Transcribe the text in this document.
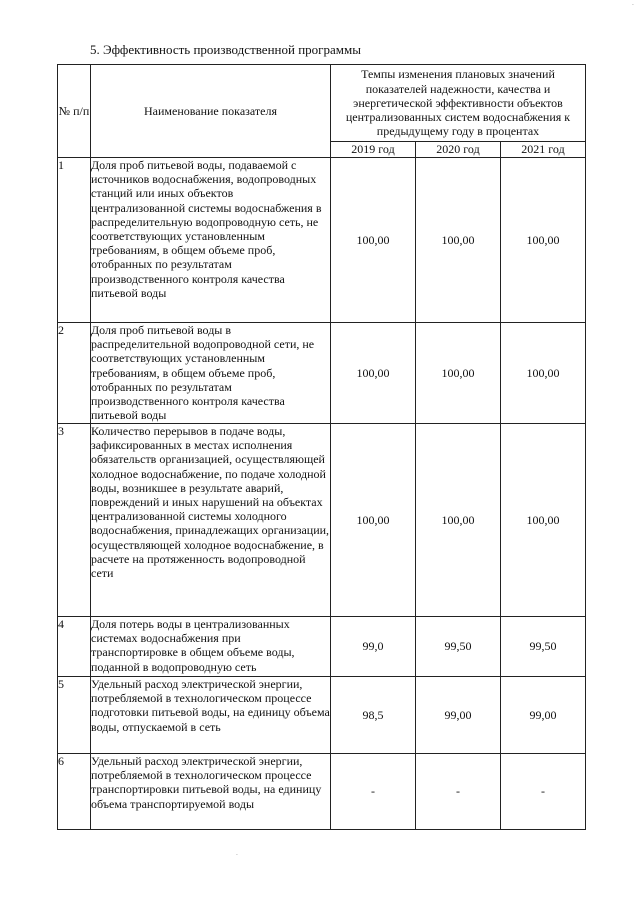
5. Эффективность производственной программы
№ п/п	Наименование показателя	Темпы изменения плановых значений показателей надежности, качества и энергетической эффективности объектов централизованных систем водоснабжения к предыдущему году в процентах		
		2019 год	2020 год	2021 год
1	Доля проб питьевой воды, подаваемой с источников водоснабжения, водопроводных станций или иных объектов централизованной системы водоснабжения в распределительную водопроводную сеть, не соответствующих установленным требованиям, в общем объеме проб, отобранных по результатам производственного контроля качества питьевой воды	100,00	100,00	100,00
2	Доля проб питьевой воды в распределительной водопроводной сети, не соответствующих установленным требованиям, в общем объеме проб, отобранных по результатам производственного контроля качества питьевой воды	100,00	100,00	100,00
3	Количество перерывов в подаче воды, зафиксированных в местах исполнения обязательств организацией, осуществляющей холодное водоснабжение, по подаче холодной воды, возникшее в результате аварий, повреждений и иных нарушений на объектах централизованной системы холодного водоснабжения, принадлежащих организации, осуществляющей холодное водоснабжение, в расчете на протяженность водопроводной сети	100,00	100,00	100,00
4	Доля потерь воды в централизованных системах водоснабжения при транспортировке в общем объеме воды, поданной в водопроводную сеть	99,0	99,50	99,50
5	Удельный расход электрической энергии, потребляемой в технологическом процессе подготовки питьевой воды, на единицу объема воды, отпускаемой в сеть	98,5	99,00	99,00
6	Удельный расход электрической энергии, потребляемой в технологическом процессе транспортировки питьевой воды, на единицу объема транспортируемой воды	-	-	-
·
·
